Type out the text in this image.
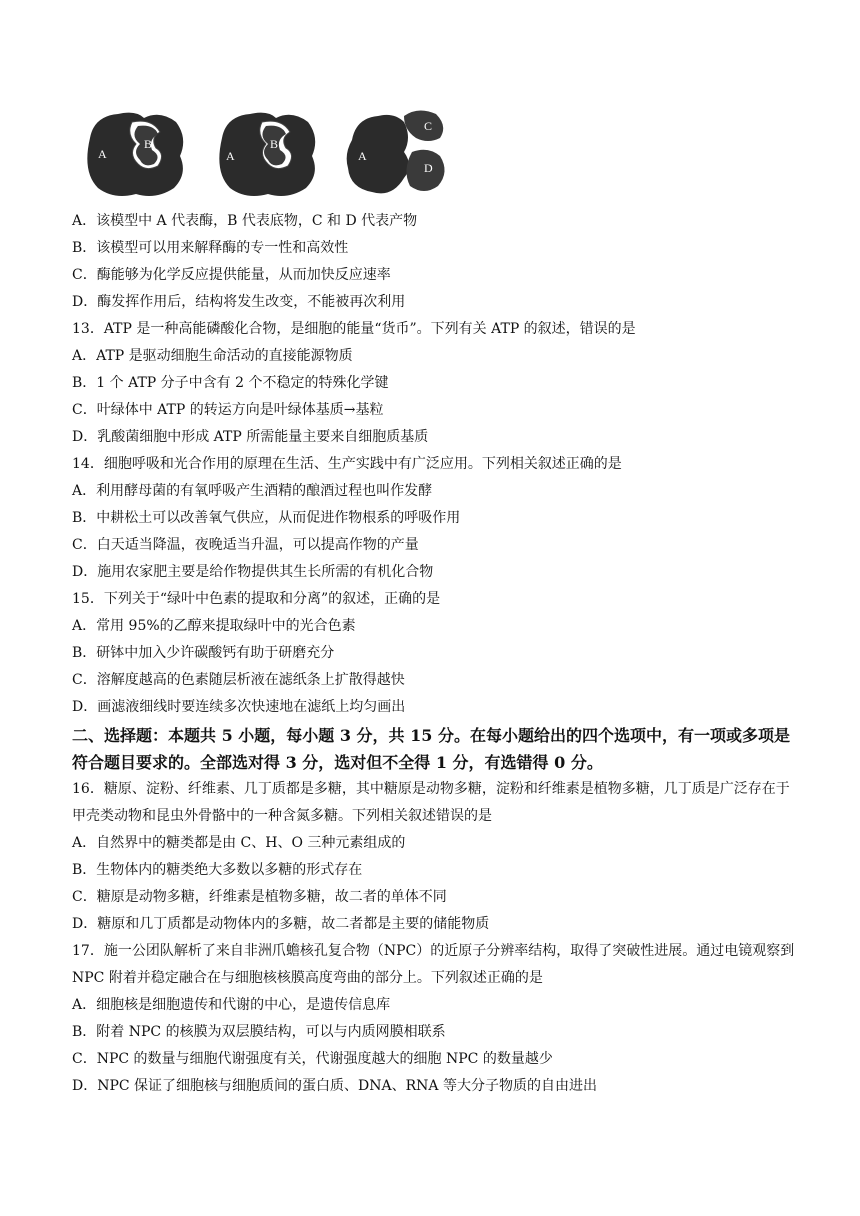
A
B
A
B
A
C
D
A．该模型中 A 代表酶，B 代表底物，C 和 D 代表产物
B．该模型可以用来解释酶的专一性和高效性
C．酶能够为化学反应提供能量，从而加快反应速率
D．酶发挥作用后，结构将发生改变，不能被再次利用
13．ATP 是一种高能磷酸化合物，是细胞的能量“货币”。下列有关 ATP 的叙述，错误的是
A．ATP 是驱动细胞生命活动的直接能源物质
B．1 个 ATP 分子中含有 2 个不稳定的特殊化学键
C．叶绿体中 ATP 的转运方向是叶绿体基质→基粒
D．乳酸菌细胞中形成 ATP 所需能量主要来自细胞质基质
14．细胞呼吸和光合作用的原理在生活、生产实践中有广泛应用。下列相关叙述正确的是
A．利用酵母菌的有氧呼吸产生酒精的酿酒过程也叫作发酵
B．中耕松土可以改善氧气供应，从而促进作物根系的呼吸作用
C．白天适当降温，夜晚适当升温，可以提高作物的产量
D．施用农家肥主要是给作物提供其生长所需的有机化合物
15．下列关于“绿叶中色素的提取和分离”的叙述，正确的是
A．常用 95%的乙醇来提取绿叶中的光合色素
B．研钵中加入少许碳酸钙有助于研磨充分
C．溶解度越高的色素随层析液在滤纸条上扩散得越快
D．画滤液细线时要连续多次快速地在滤纸上均匀画出
二、选择题：本题共 5 小题，每小题 3 分，共 15 分。在每小题给出的四个选项中，有一项或多项是符合题目要求的。全部选对得 3 分，选对但不全得 1 分，有选错得 0 分。
16．糖原、淀粉、纤维素、几丁质都是多糖，其中糖原是动物多糖，淀粉和纤维素是植物多糖，几丁质是广泛存在于甲壳类动物和昆虫外骨骼中的一种含氮多糖。下列相关叙述错误的是
A．自然界中的糖类都是由 C、H、O 三种元素组成的
B．生物体内的糖类绝大多数以多糖的形式存在
C．糖原是动物多糖，纤维素是植物多糖，故二者的单体不同
D．糖原和几丁质都是动物体内的多糖，故二者都是主要的储能物质
17．施一公团队解析了来自非洲爪蟾核孔复合物（NPC）的近原子分辨率结构，取得了突破性进展。通过电镜观察到 NPC 附着并稳定融合在与细胞核核膜高度弯曲的部分上。下列叙述正确的是
A．细胞核是细胞遗传和代谢的中心，是遗传信息库
B．附着 NPC 的核膜为双层膜结构，可以与内质网膜相联系
C．NPC 的数量与细胞代谢强度有关，代谢强度越大的细胞 NPC 的数量越少
D．NPC 保证了细胞核与细胞质间的蛋白质、DNA、RNA 等大分子物质的自由进出
